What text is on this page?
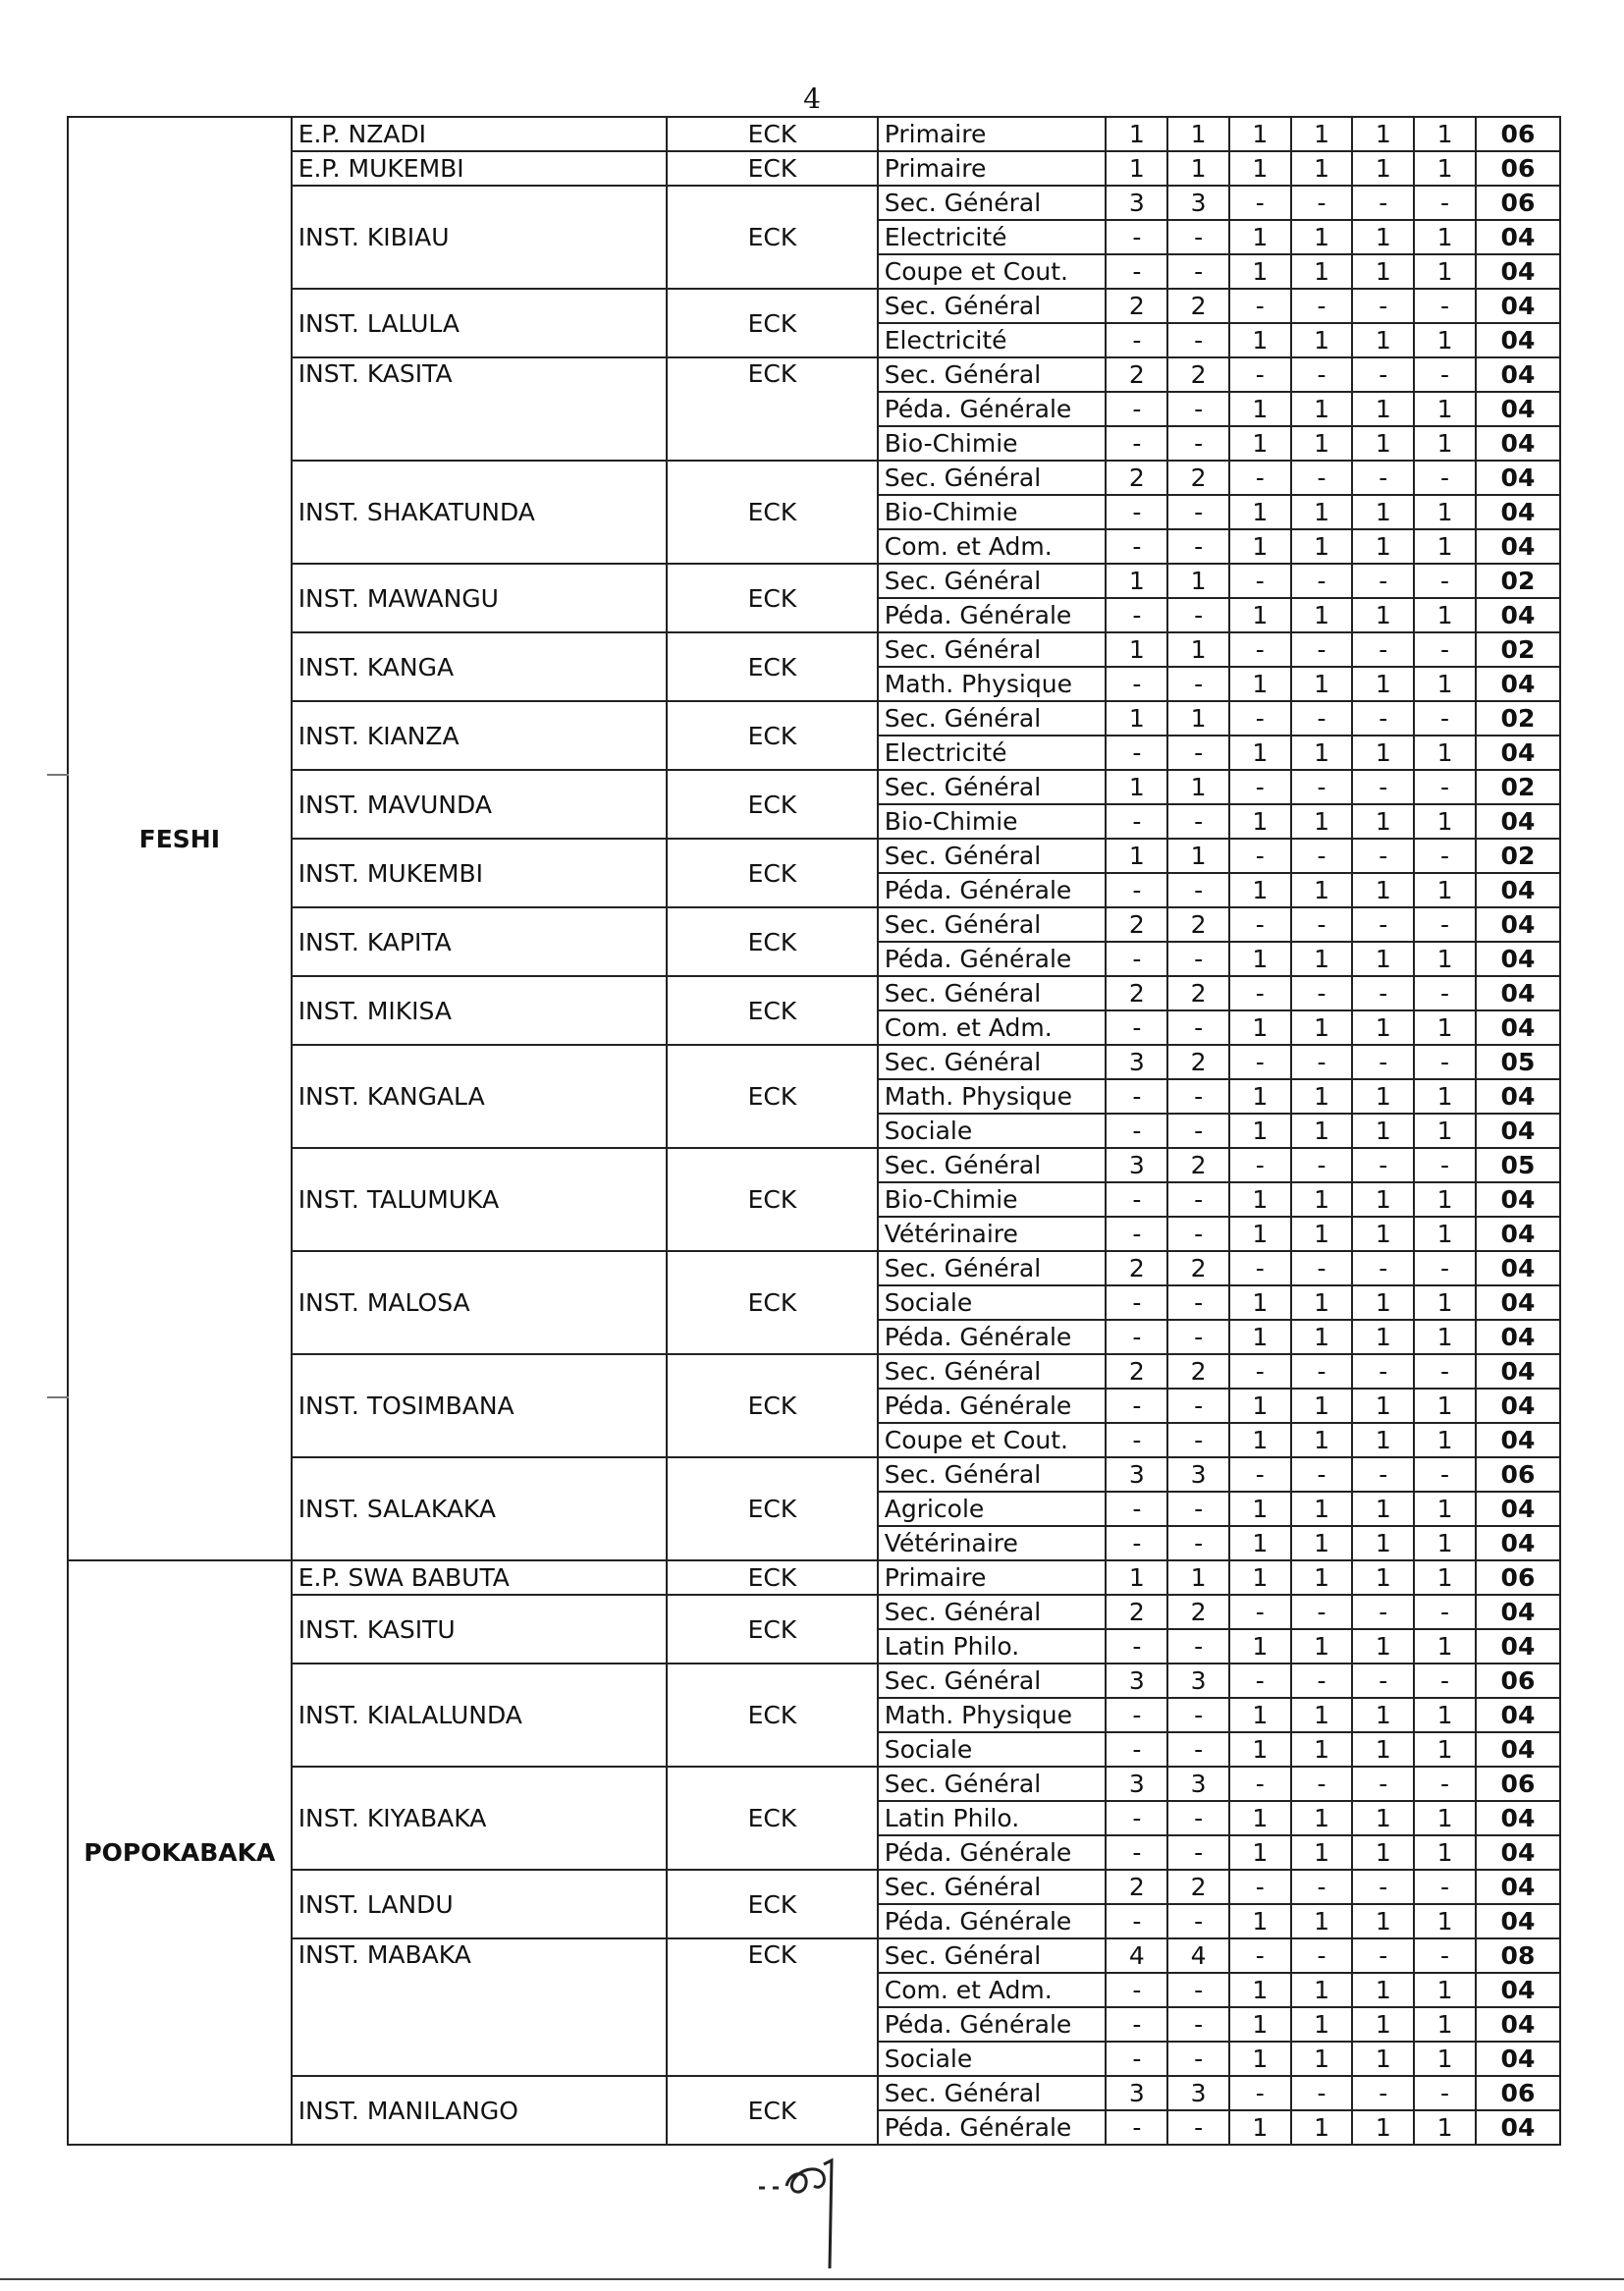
4
FESHI	E.P. NZADI	ECK	Primaire	1	1	1	1	1	1	06
	E.P. MUKEMBI	ECK	Primaire	1	1	1	1	1	1	06
	INST. KIBIAU	ECK	Sec. Général	3	3	-	-	-	-	06
			Electricité	-	-	1	1	1	1	04
			Coupe et Cout.	-	-	1	1	1	1	04
	INST. LALULA	ECK	Sec. Général	2	2	-	-	-	-	04
			Electricité	-	-	1	1	1	1	04
	INST. KASITA	ECK	Sec. Général	2	2	-	-	-	-	04
			Péda. Générale	-	-	1	1	1	1	04
			Bio-Chimie	-	-	1	1	1	1	04
	INST. SHAKATUNDA	ECK	Sec. Général	2	2	-	-	-	-	04
			Bio-Chimie	-	-	1	1	1	1	04
			Com. et Adm.	-	-	1	1	1	1	04
	INST. MAWANGU	ECK	Sec. Général	1	1	-	-	-	-	02
			Péda. Générale	-	-	1	1	1	1	04
	INST. KANGA	ECK	Sec. Général	1	1	-	-	-	-	02
			Math. Physique	-	-	1	1	1	1	04
	INST. KIANZA	ECK	Sec. Général	1	1	-	-	-	-	02
			Electricité	-	-	1	1	1	1	04
	INST. MAVUNDA	ECK	Sec. Général	1	1	-	-	-	-	02
			Bio-Chimie	-	-	1	1	1	1	04
	INST. MUKEMBI	ECK	Sec. Général	1	1	-	-	-	-	02
			Péda. Générale	-	-	1	1	1	1	04
	INST. KAPITA	ECK	Sec. Général	2	2	-	-	-	-	04
			Péda. Générale	-	-	1	1	1	1	04
	INST. MIKISA	ECK	Sec. Général	2	2	-	-	-	-	04
			Com. et Adm.	-	-	1	1	1	1	04
	INST. KANGALA	ECK	Sec. Général	3	2	-	-	-	-	05
			Math. Physique	-	-	1	1	1	1	04
			Sociale	-	-	1	1	1	1	04
	INST. TALUMUKA	ECK	Sec. Général	3	2	-	-	-	-	05
			Bio-Chimie	-	-	1	1	1	1	04
			Vétérinaire	-	-	1	1	1	1	04
	INST. MALOSA	ECK	Sec. Général	2	2	-	-	-	-	04
			Sociale	-	-	1	1	1	1	04
			Péda. Générale	-	-	1	1	1	1	04
	INST. TOSIMBANA	ECK	Sec. Général	2	2	-	-	-	-	04
			Péda. Générale	-	-	1	1	1	1	04
			Coupe et Cout.	-	-	1	1	1	1	04
	INST. SALAKAKA	ECK	Sec. Général	3	3	-	-	-	-	06
			Agricole	-	-	1	1	1	1	04
			Vétérinaire	-	-	1	1	1	1	04
POPOKABAKA	E.P. SWA BABUTA	ECK	Primaire	1	1	1	1	1	1	06
	INST. KASITU	ECK	Sec. Général	2	2	-	-	-	-	04
			Latin Philo.	-	-	1	1	1	1	04
	INST. KIALALUNDA	ECK	Sec. Général	3	3	-	-	-	-	06
			Math. Physique	-	-	1	1	1	1	04
			Sociale	-	-	1	1	1	1	04
	INST. KIYABAKA	ECK	Sec. Général	3	3	-	-	-	-	06
			Latin Philo.	-	-	1	1	1	1	04
			Péda. Générale	-	-	1	1	1	1	04
	INST. LANDU	ECK	Sec. Général	2	2	-	-	-	-	04
			Péda. Générale	-	-	1	1	1	1	04
	INST. MABAKA	ECK	Sec. Général	4	4	-	-	-	-	08
			Com. et Adm.	-	-	1	1	1	1	04
			Péda. Générale	-	-	1	1	1	1	04
			Sociale	-	-	1	1	1	1	04
	INST. MANILANGO	ECK	Sec. Général	3	3	-	-	-	-	06
			Péda. Générale	-	-	1	1	1	1	04
